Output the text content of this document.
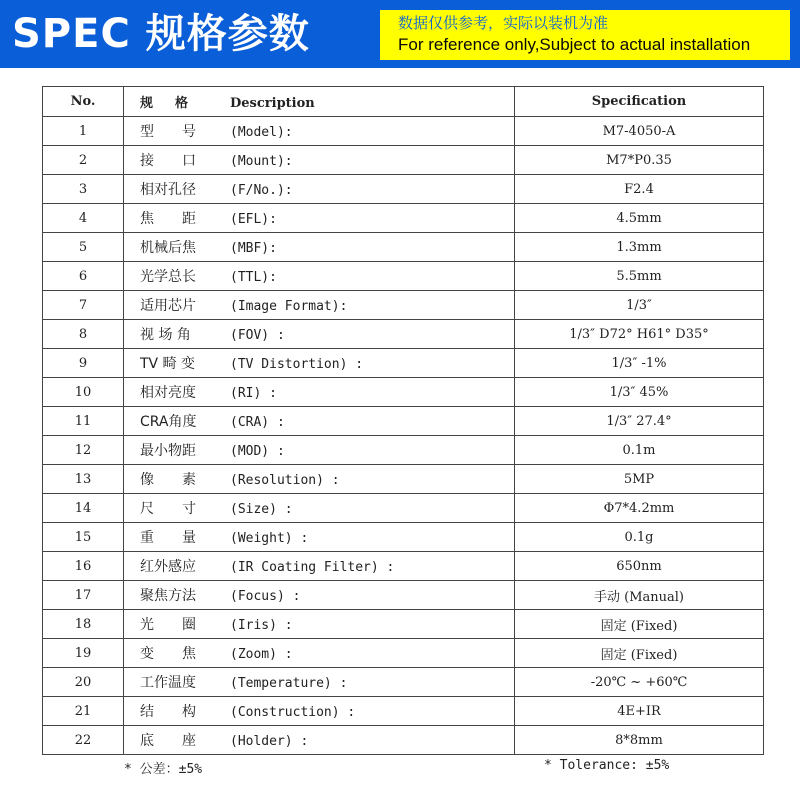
SPEC 规格参数	数据仅供参考，实际以装机为准
For reference only,Subject to actual installation
No.	规格 Description	Specification
1	型　　号 (Model):	M7-4050-A
2	接　　口 (Mount):	M7*P0.35
3	相对孔径 (F/No.):	F2.4
4	焦　　距 (EFL):	4.5mm
5	机械后焦 (MBF):	1.3mm
6	光学总长 (TTL):	5.5mm
7	适用芯片 (Image Format):	1/3″
8	视 场 角 (FOV) :	1/3″ D72° H61° D35°
9	TV 畸 变 (TV Distortion) :	1/3″ -1%
10	相对亮度 (RI) :	1/3″ 45%
11	CRA角度 (CRA) :	1/3″ 27.4°
12	最小物距 (MOD) :	0.1m
13	像　　素 (Resolution) :	5MP
14	尺　　寸 (Size) :	Φ7*4.2mm
15	重　　量 (Weight) :	0.1g
16	红外感应 (IR Coating Filter) :	650nm
17	聚焦方法 (Focus) :	手动 (Manual)
18	光　　圈 (Iris) :	固定 (Fixed)
19	变　　焦 (Zoom) :	固定 (Fixed)
20	工作温度 (Temperature) :	-20℃ ~ +60℃
21	结　　构 (Construction) :	4E+IR
22	底　　座 (Holder) :	8*8mm
* 公差：±5%	* Tolerance: ±5%
